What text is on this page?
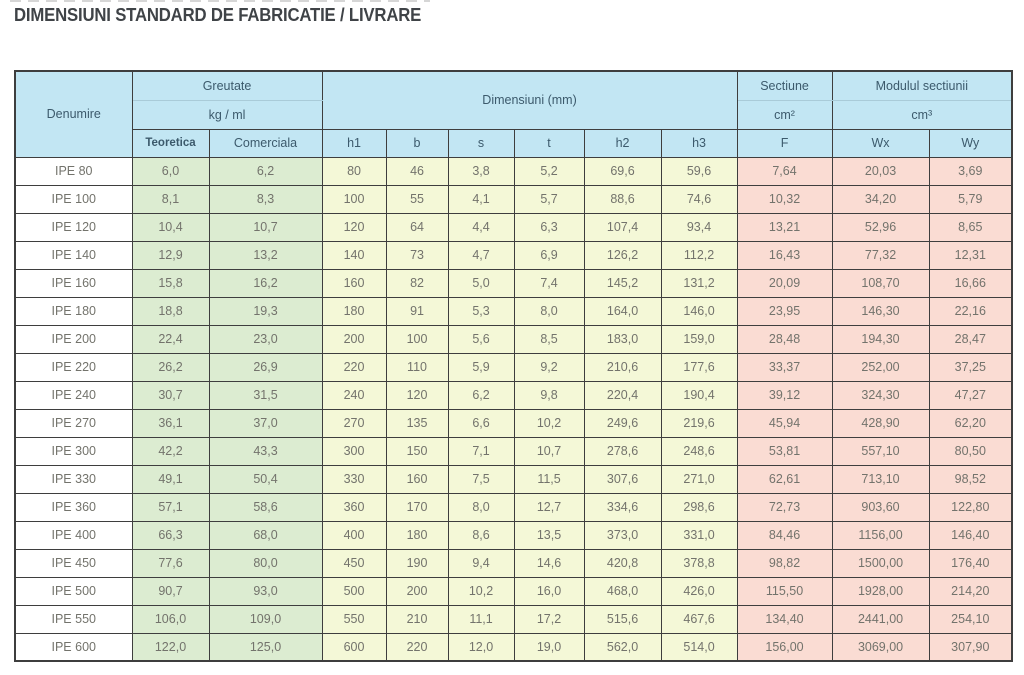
DIMENSIUNI STANDARD DE FABRICATIE / LIVRARE
Denumire	Greutate		Dimensiuni (mm)						Sectiune	Modulul sectiunii	
	kg / ml								cm²	cm³	
	Teoretica	Comerciala	h1	b	s	t	h2	h3	F	Wx	Wy
IPE 80	6,0	6,2	80	46	3,8	5,2	69,6	59,6	7,64	20,03	3,69
IPE 100	8,1	8,3	100	55	4,1	5,7	88,6	74,6	10,32	34,20	5,79
IPE 120	10,4	10,7	120	64	4,4	6,3	107,4	93,4	13,21	52,96	8,65
IPE 140	12,9	13,2	140	73	4,7	6,9	126,2	112,2	16,43	77,32	12,31
IPE 160	15,8	16,2	160	82	5,0	7,4	145,2	131,2	20,09	108,70	16,66
IPE 180	18,8	19,3	180	91	5,3	8,0	164,0	146,0	23,95	146,30	22,16
IPE 200	22,4	23,0	200	100	5,6	8,5	183,0	159,0	28,48	194,30	28,47
IPE 220	26,2	26,9	220	110	5,9	9,2	210,6	177,6	33,37	252,00	37,25
IPE 240	30,7	31,5	240	120	6,2	9,8	220,4	190,4	39,12	324,30	47,27
IPE 270	36,1	37,0	270	135	6,6	10,2	249,6	219,6	45,94	428,90	62,20
IPE 300	42,2	43,3	300	150	7,1	10,7	278,6	248,6	53,81	557,10	80,50
IPE 330	49,1	50,4	330	160	7,5	11,5	307,6	271,0	62,61	713,10	98,52
IPE 360	57,1	58,6	360	170	8,0	12,7	334,6	298,6	72,73	903,60	122,80
IPE 400	66,3	68,0	400	180	8,6	13,5	373,0	331,0	84,46	1156,00	146,40
IPE 450	77,6	80,0	450	190	9,4	14,6	420,8	378,8	98,82	1500,00	176,40
IPE 500	90,7	93,0	500	200	10,2	16,0	468,0	426,0	115,50	1928,00	214,20
IPE 550	106,0	109,0	550	210	11,1	17,2	515,6	467,6	134,40	2441,00	254,10
IPE 600	122,0	125,0	600	220	12,0	19,0	562,0	514,0	156,00	3069,00	307,90
